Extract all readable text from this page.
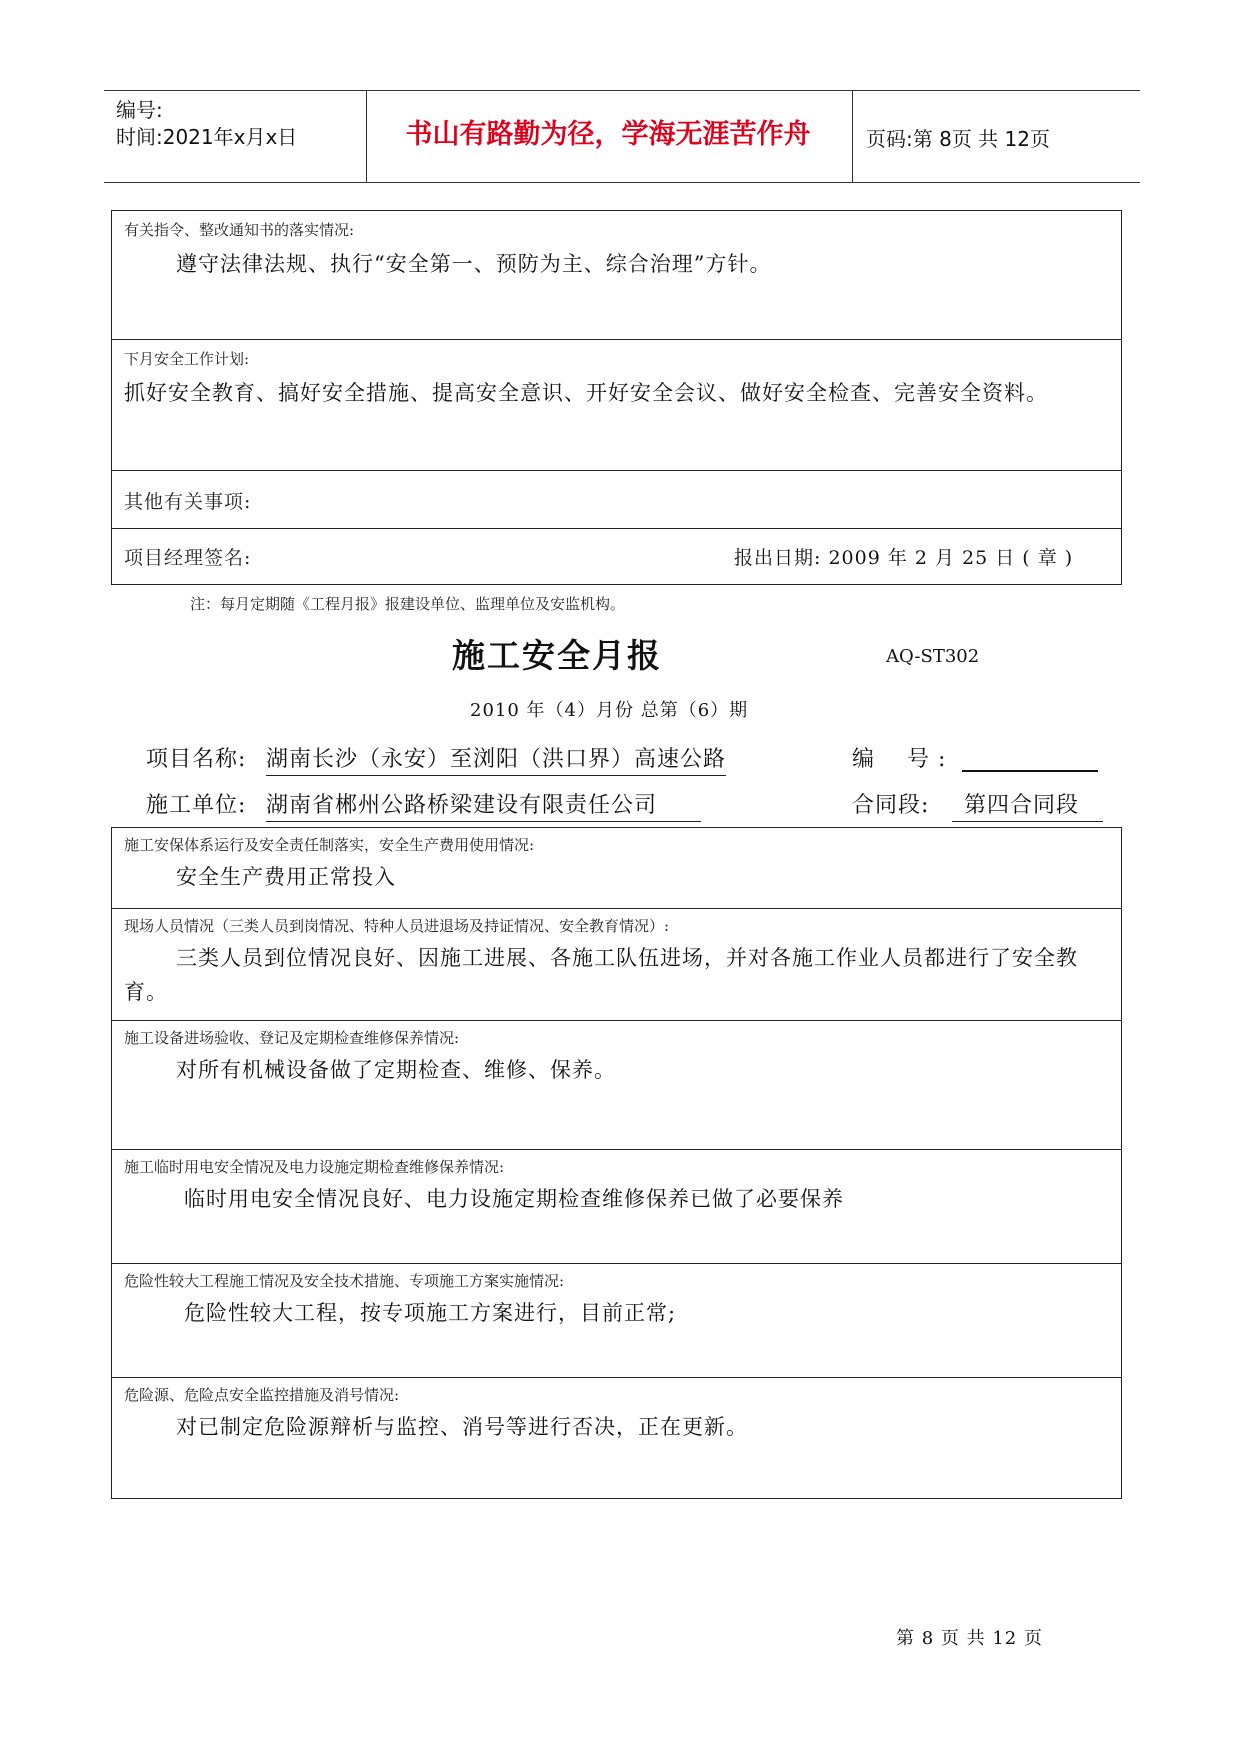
编号:
时间:2021年x月x日	书山有路勤为径，学海无涯苦作舟	页码:第 8页 共 12页
有关指令、整改通知书的落实情况:
遵守法律法规、执行“安全第一、预防为主、综合治理”方针。
下月安全工作计划:
抓好安全教育、搞好安全措施、提高安全意识、开好安全会议、做好安全检查、完善安全资料。
其他有关事项:
项目经理签名:	报出日期: 2009 年 2 月 25 日 ( 章 )
注：每月定期随《工程月报》报建设单位、监理单位及安监机构。
施工安全月报	AQ-ST302
2010 年（4）月份 总第（6）期
项目名称: 湖南长沙（永安）至浏阳（洪口界）高速公路	编    号 :
施工单位: 湖南省郴州公路桥梁建设有限责任公司	合同段:	第四合同段
施工安保体系运行及安全责任制落实，安全生产费用使用情况:
安全生产费用正常投入
现场人员情况（三类人员到岗情况、特种人员进退场及持证情况、安全教育情况）:
三类人员到位情况良好、因施工进展、各施工队伍进场，并对各施工作业人员都进行了安全教育。
施工设备进场验收、登记及定期检查维修保养情况:
对所有机械设备做了定期检查、维修、保养。
施工临时用电安全情况及电力设施定期检查维修保养情况:
临时用电安全情况良好、电力设施定期检查维修保养已做了必要保养
危险性较大工程施工情况及安全技术措施、专项施工方案实施情况:
危险性较大工程，按专项施工方案进行，目前正常;
危险源、危险点安全监控措施及消号情况:
对已制定危险源辩析与监控、消号等进行否决，正在更新。
第 8 页 共 12 页
